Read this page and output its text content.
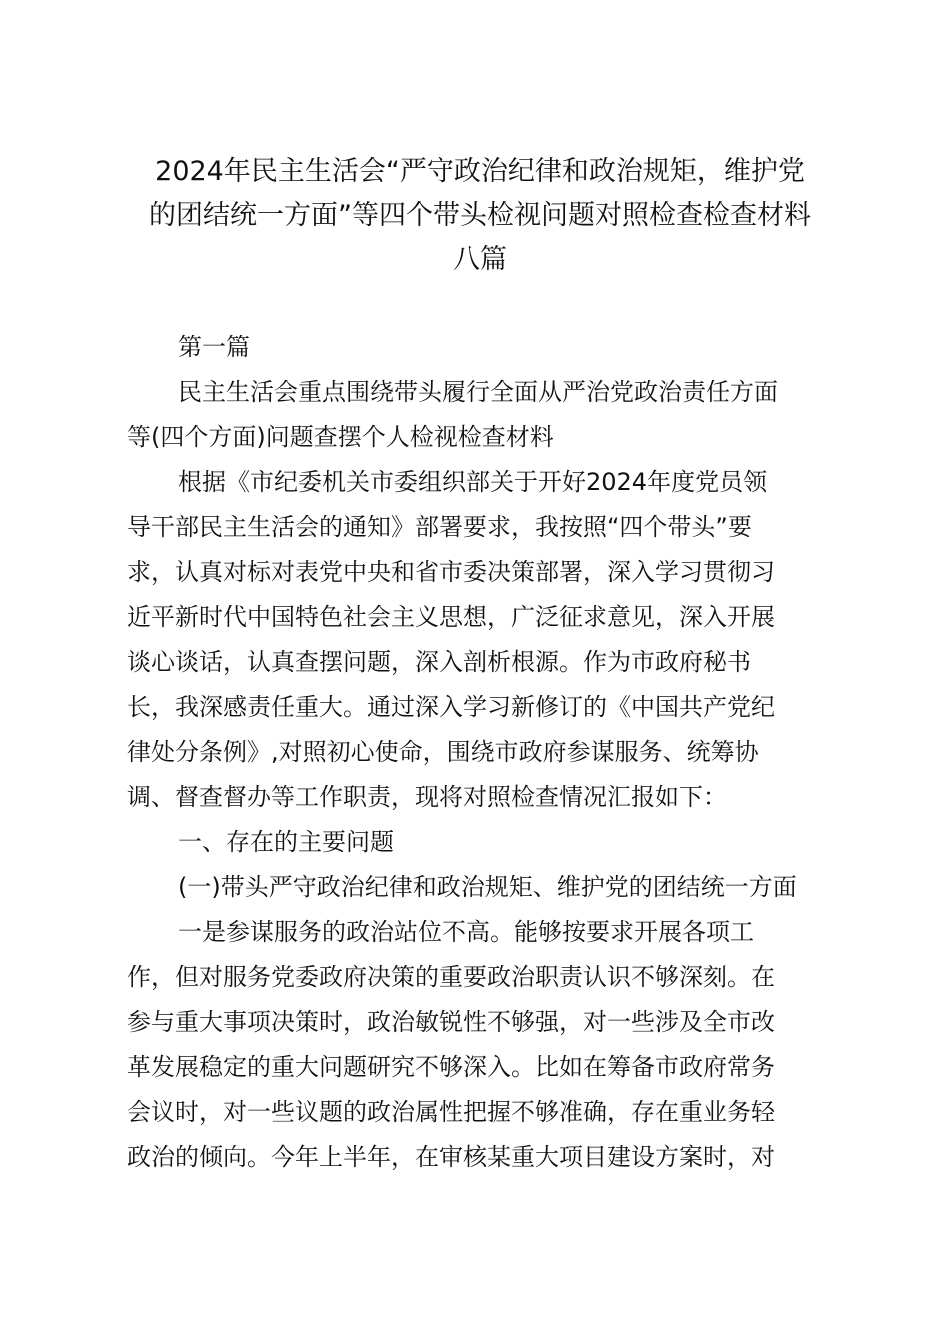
2024年民主生活会“严守政治纪律和政治规矩，维护党
的团结统一方面”等四个带头检视问题对照检查检查材料
八篇
第一篇
民主生活会重点围绕带头履行全面从严治党政治责任方面
等(四个方面)问题查摆个人检视检查材料
根据《市纪委机关市委组织部关于开好2024年度党员领
导干部民主生活会的通知》部署要求，我按照“四个带头”要
求，认真对标对表党中央和省市委决策部署，深入学习贯彻习
近平新时代中国特色社会主义思想，广泛征求意见，深入开展
谈心谈话，认真查摆问题，深入剖析根源。作为市政府秘书
长，我深感责任重大。通过深入学习新修订的《中国共产党纪
律处分条例》,对照初心使命，围绕市政府参谋服务、统筹协
调、督查督办等工作职责，现将对照检查情况汇报如下：
一、存在的主要问题
(一)带头严守政治纪律和政治规矩、维护党的团结统一方面
一是参谋服务的政治站位不高。能够按要求开展各项工
作，但对服务党委政府决策的重要政治职责认识不够深刻。在
参与重大事项决策时，政治敏锐性不够强，对一些涉及全市改
革发展稳定的重大问题研究不够深入。比如在筹备市政府常务
会议时，对一些议题的政治属性把握不够准确，存在重业务轻
政治的倾向。今年上半年，在审核某重大项目建设方案时，对
